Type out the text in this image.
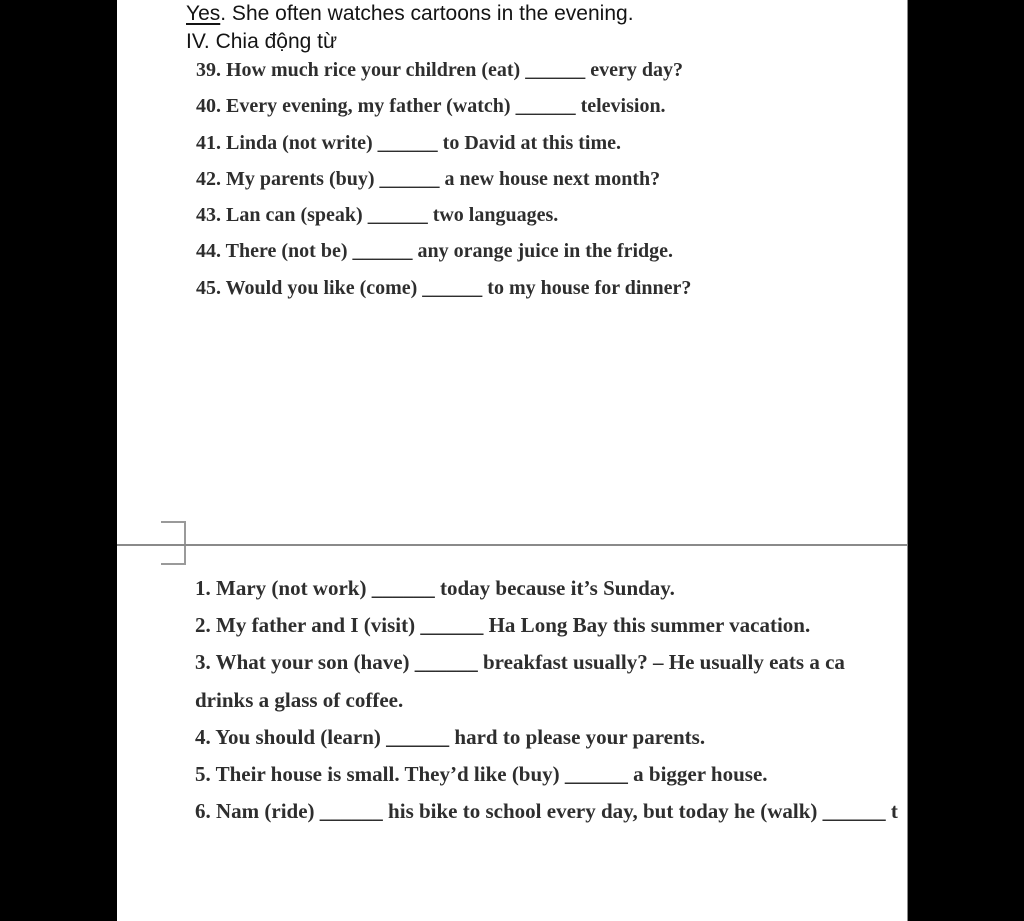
Yes. She often watches cartoons in the evening.
IV. Chia động từ
39. How much rice your children (eat) ______ every day?
40. Every evening, my father (watch) ______ television.
41. Linda (not write) ______ to David at this time.
42. My parents (buy) ______ a new house next month?
43. Lan can (speak) ______ two languages.
44. There (not be) ______ any orange juice in the fridge.
45. Would you like (come) ______ to my house for dinner?
1. Mary (not work) ______ today because it’s Sunday.
2. My father and I (visit) ______ Ha Long Bay this summer vacation.
3. What your son (have) ______ breakfast usually? – He usually eats a ca
drinks a glass of coffee.
4. You should (learn) ______ hard to please your parents.
5. Their house is small. They’d like (buy) ______ a bigger house.
6. Nam (ride) ______ his bike to school every day, but today he (walk) ______ t
